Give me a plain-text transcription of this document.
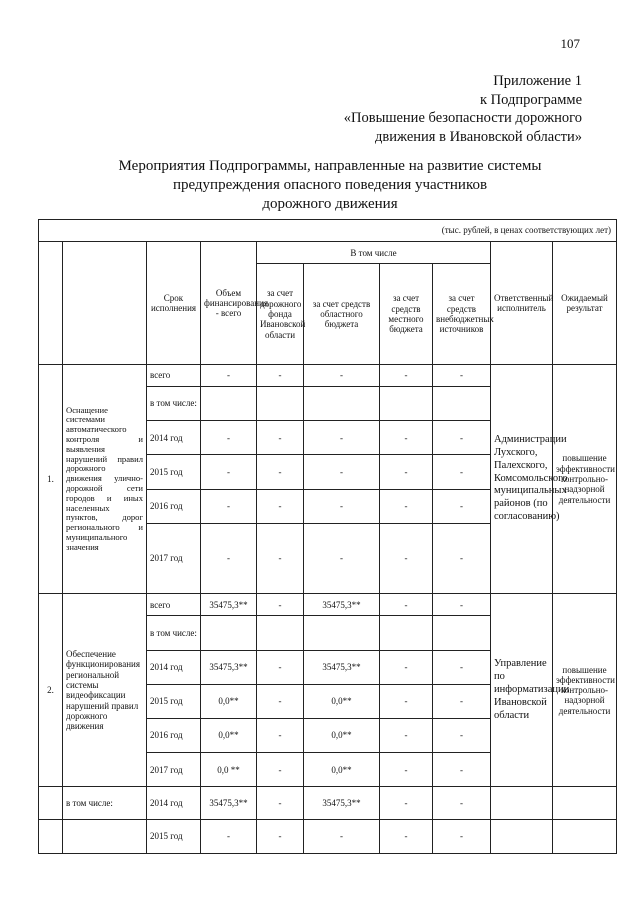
107
Приложение 1
к Подпрограмме
«Повышение безопасности дорожного
движения в Ивановской области»
Мероприятия Подпрограммы, направленные на развитие системы
предупреждения опасного поведения участников
дорожного движения
(тыс. рублей, в ценах соответствующих лет)									
		Срок исполнения	Объем финансирования - всего	В том числе				Ответственный исполнитель	Ожидаемый результат
				за счет дорожного фонда Ивановской области	за счет средств областного бюджета	за счет средств местного бюджета	за счет средств внебюджетных источников		
1.	Оснащение системами автоматического контроля и выявления нарушений правил дорожного движения улично-дорожной сети городов и иных населенных пунктов, дорог регионального и муниципального значения	всего	-	-	-	-	-	Администрации Лухского, Палехского, Комсомольского муниципальных районов (по согласованию)	повышение эффективности контрольно-надзорной деятельности
		в том числе:							
		2014 год	-	-	-	-	-		
		2015 год	-	-	-	-	-		
		2016 год	-	-	-	-	-		
		2017 год	-	-	-	-	-		
2.	Обеспечение функционирования региональной системы видеофиксации нарушений правил дорожного движения	всего	35475,3**	-	35475,3**	-	-	Управление по информатизации Ивановской области	повышение эффективности контрольно-надзорной деятельности
		в том числе:							
		2014 год	35475,3**	-	35475,3**	-	-		
		2015 год	0,0**	-	0,0**	-	-		
		2016 год	0,0**	-	0,0**	-	-		
		2017 год	0,0 **	-	0,0**	-	-		
	в том числе:	2014 год	35475,3**	-	35475,3**	-	-		
		2015 год	-	-	-	-	-		
